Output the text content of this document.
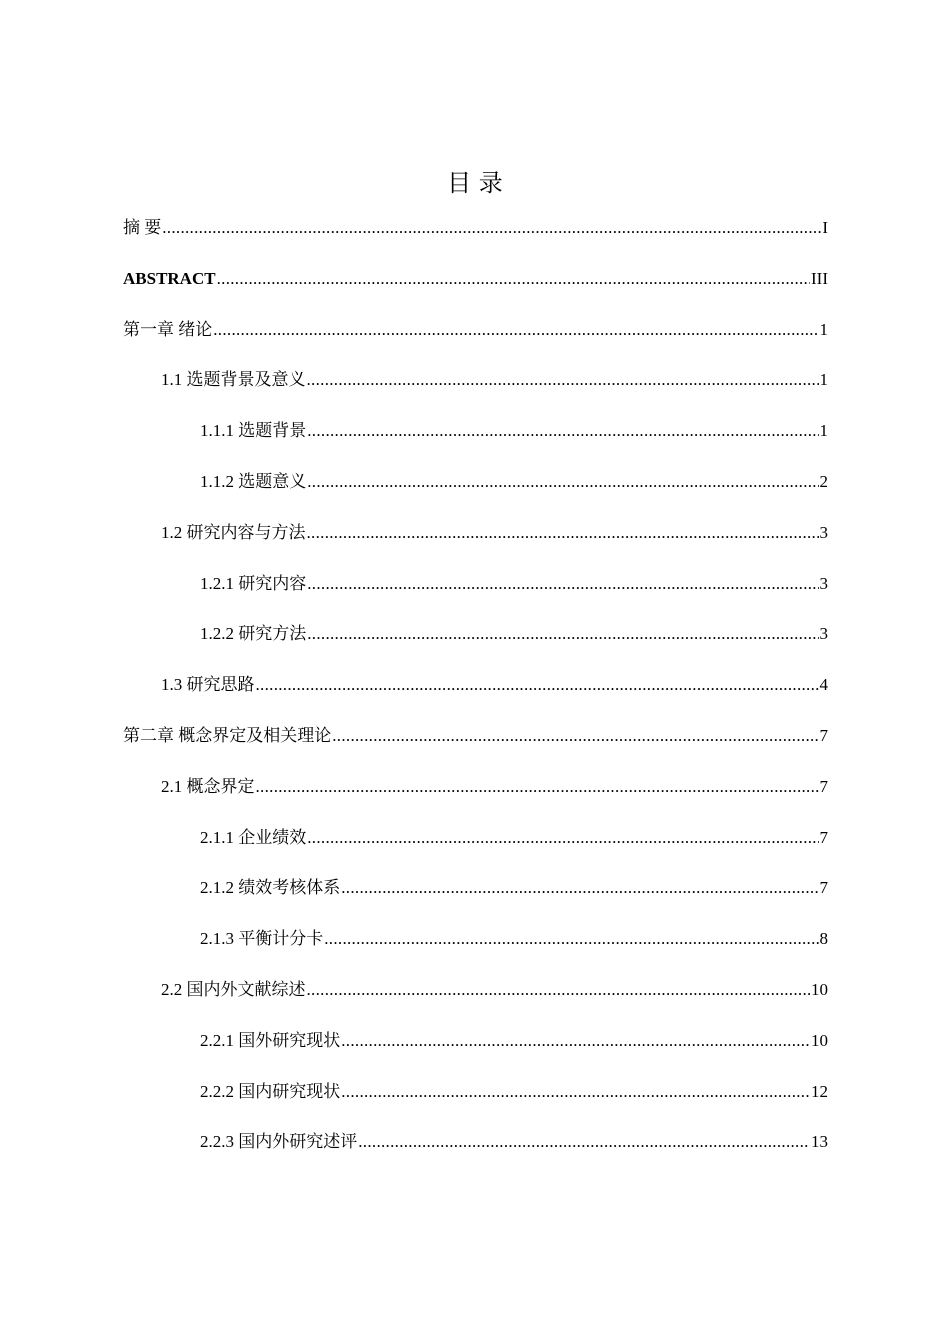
目 录
摘 要 .....	I
ABSTRACT .....	III
第一章 绪论 .....	1
1.1 选题背景及意义 .....	1
1.1.1 选题背景 .....	1
1.1.2 选题意义 .....	2
1.2 研究内容与方法 .....	3
1.2.1 研究内容 .....	3
1.2.2 研究方法 .....	3
1.3 研究思路 .....	4
第二章 概念界定及相关理论 .....	7
2.1 概念界定 .....	7
2.1.1 企业绩效 .....	7
2.1.2 绩效考核体系 .....	7
2.1.3 平衡计分卡 .....	8
2.2 国内外文献综述 .....	10
2.2.1 国外研究现状 .....	10
2.2.2 国内研究现状 .....	12
2.2.3 国内外研究述评 .....	13
